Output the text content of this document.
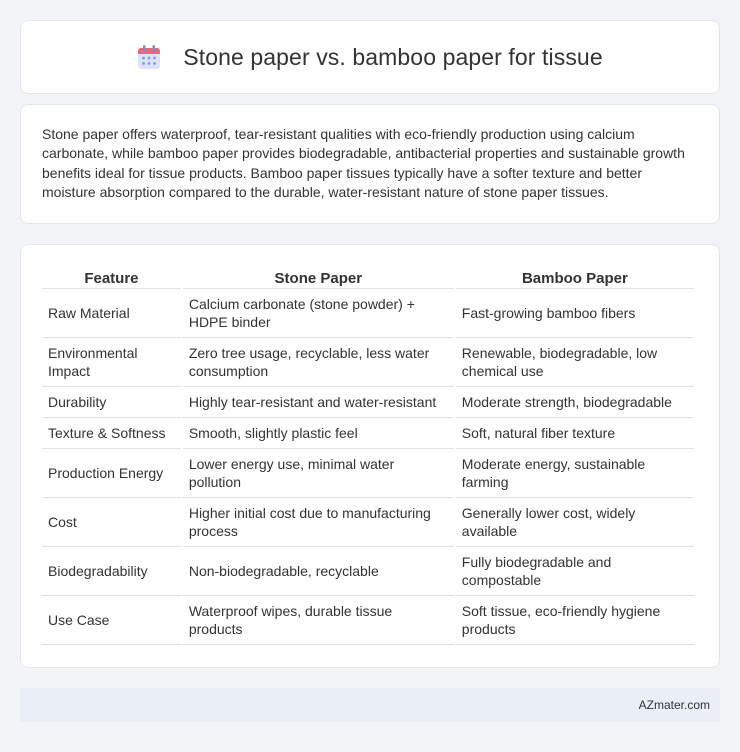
Stone paper vs. bamboo paper for tissue

Stone paper offers waterproof, tear-resistant qualities with eco-friendly production using calcium carbonate, while bamboo paper provides biodegradable, antibacterial properties and sustainable growth benefits ideal for tissue products. Bamboo paper tissues typically have a softer texture and better moisture absorption compared to the durable, water-resistant nature of stone paper tissues.

Feature	Stone Paper	Bamboo Paper
Raw Material	Calcium carbonate (stone powder) + HDPE binder	Fast-growing bamboo fibers
Environmental Impact	Zero tree usage, recyclable, less water consumption	Renewable, biodegradable, low chemical use
Durability	Highly tear-resistant and water-resistant	Moderate strength, biodegradable
Texture & Softness	Smooth, slightly plastic feel	Soft, natural fiber texture
Production Energy	Lower energy use, minimal water pollution	Moderate energy, sustainable farming
Cost	Higher initial cost due to manufacturing process	Generally lower cost, widely available
Biodegradability	Non-biodegradable, recyclable	Fully biodegradable and compostable
Use Case	Waterproof wipes, durable tissue products	Soft tissue, eco-friendly hygiene products
AZmater.com
